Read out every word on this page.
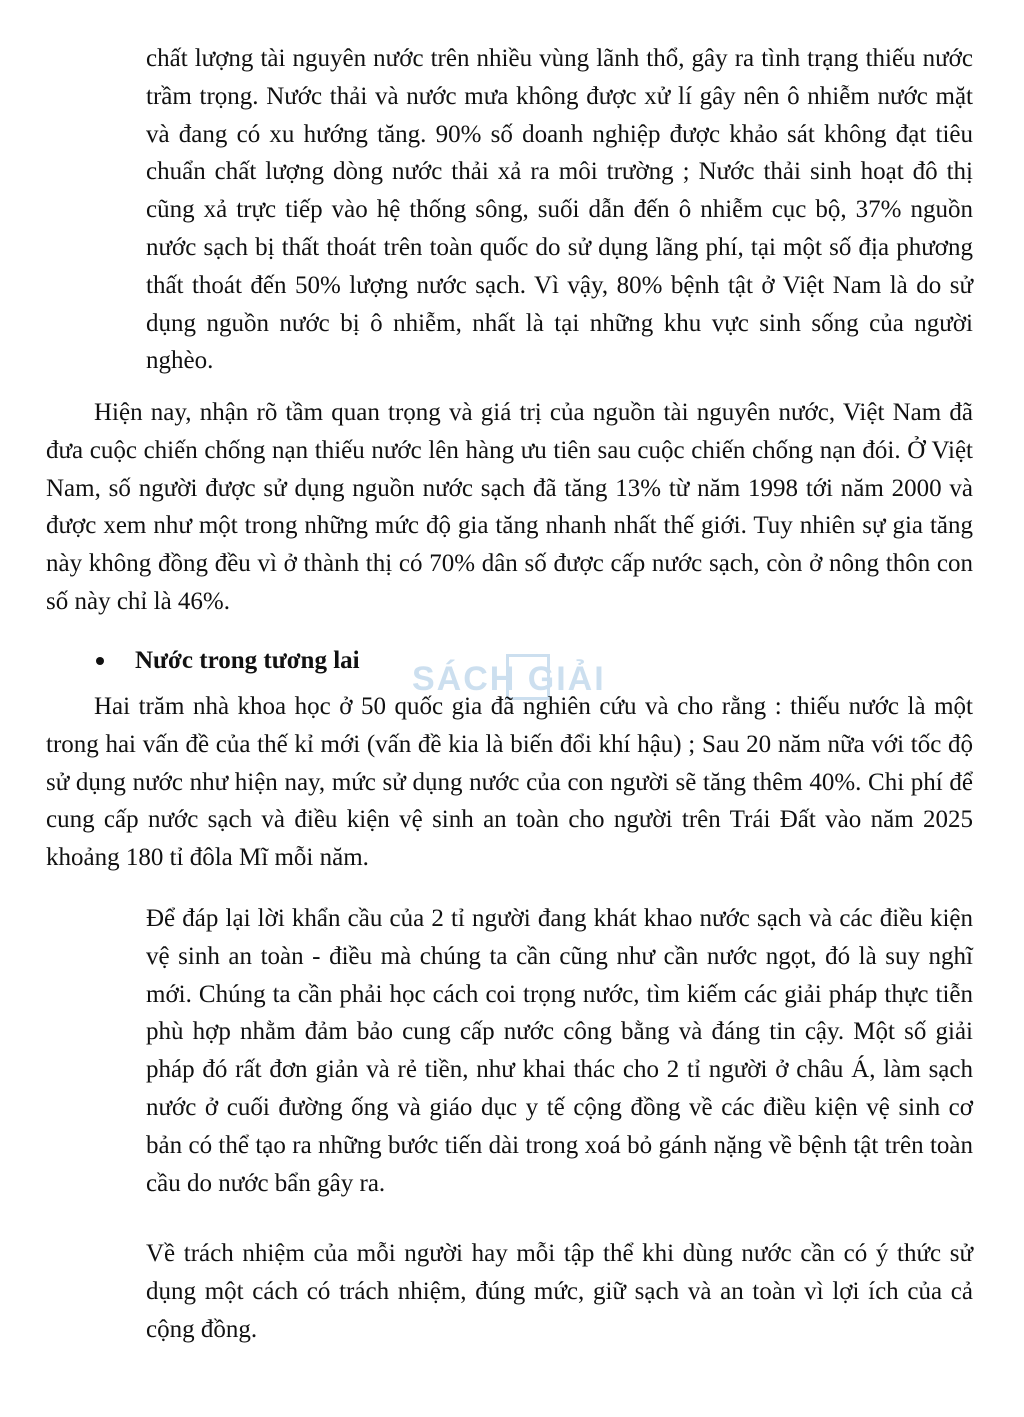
chất lượng tài nguyên nước trên nhiều vùng lãnh thổ, gây ra tình trạng thiếu nước trầm trọng. Nước thải và nước mưa không được xử lí gây nên ô nhiễm nước mặt và đang có xu hướng tăng. 90% số doanh nghiệp được khảo sát không đạt tiêu chuẩn chất lượng dòng nước thải xả ra môi trường ; Nước thải sinh hoạt đô thị cũng xả trực tiếp vào hệ thống sông, suối dẫn đến ô nhiễm cục bộ, 37% nguồn nước sạch bị thất thoát trên toàn quốc do sử dụng lãng phí, tại một số địa phương thất thoát đến 50% lượng nước sạch. Vì vậy, 80% bệnh tật ở Việt Nam là do sử dụng nguồn nước bị ô nhiễm, nhất là tại những khu vực sinh sống của người nghèo.

Hiện nay, nhận rõ tầm quan trọng và giá trị của nguồn tài nguyên nước, Việt Nam đã đưa cuộc chiến chống nạn thiếu nước lên hàng ưu tiên sau cuộc chiến chống nạn đói. Ở Việt Nam, số người được sử dụng nguồn nước sạch đã tăng 13% từ năm 1998 tới năm 2000 và được xem như một trong những mức độ gia tăng nhanh nhất thế giới. Tuy nhiên sự gia tăng này không đồng đều vì ở thành thị có 70% dân số được cấp nước sạch, còn ở nông thôn con số này chỉ là 46%.

Nước trong tương lai SÁCH GIẢI

Hai trăm nhà khoa học ở 50 quốc gia đã nghiên cứu và cho rằng : thiếu nước là một trong hai vấn đề của thế kỉ mới (vấn đề kia là biến đổi khí hậu) ; Sau 20 năm nữa với tốc độ sử dụng nước như hiện nay, mức sử dụng nước của con người sẽ tăng thêm 40%. Chi phí để cung cấp nước sạch và điều kiện vệ sinh an toàn cho người trên Trái Đất vào năm 2025 khoảng 180 tỉ đôla Mĩ mỗi năm.

Để đáp lại lời khẩn cầu của 2 tỉ người đang khát khao nước sạch và các điều kiện vệ sinh an toàn - điều mà chúng ta cần cũng như cần nước ngọt, đó là suy nghĩ mới. Chúng ta cần phải học cách coi trọng nước, tìm kiếm các giải pháp thực tiễn phù hợp nhằm đảm bảo cung cấp nước công bằng và đáng tin cậy. Một số giải pháp đó rất đơn giản và rẻ tiền, như khai thác cho 2 tỉ người ở châu Á, làm sạch nước ở cuối đường ống và giáo dục y tế cộng đồng về các điều kiện vệ sinh cơ bản có thể tạo ra những bước tiến dài trong xoá bỏ gánh nặng về bệnh tật trên toàn cầu do nước bẩn gây ra.

Về trách nhiệm của mỗi người hay mỗi tập thể khi dùng nước cần có ý thức sử dụng một cách có trách nhiệm, đúng mức, giữ sạch và an toàn vì lợi ích của cả cộng đồng.
